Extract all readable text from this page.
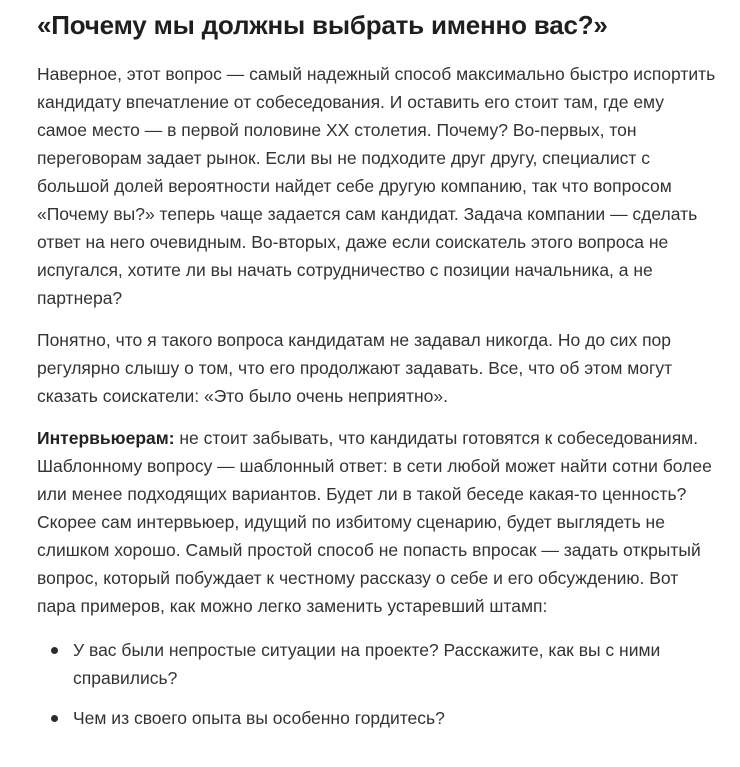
«Почему мы должны выбрать именно вас?»

Наверное, этот вопрос — самый надежный способ максимально быстро испортить кандидату впечатление от собеседования. И оставить его стоит там, где ему самое место — в первой половине XX столетия. Почему? Во-первых, тон переговорам задает рынок. Если вы не подходите друг другу, специалист с большой долей вероятности найдет себе другую компанию, так что вопросом «Почему вы?» теперь чаще задается сам кандидат. Задача компании — сделать ответ на него очевидным. Во-вторых, даже если соискатель этого вопроса не испугался, хотите ли вы начать сотрудничество с позиции начальника, а не партнера?

Понятно, что я такого вопроса кандидатам не задавал никогда. Но до сих пор регулярно слышу о том, что его продолжают задавать. Все, что об этом могут сказать соискатели: «Это было очень неприятно».

Интервьюерам: не стоит забывать, что кандидаты готовятся к собеседованиям. Шаблонному вопросу — шаблонный ответ: в сети любой может найти сотни более или менее подходящих вариантов. Будет ли в такой беседе какая-то ценность? Скорее сам интервьюер, идущий по избитому сценарию, будет выглядеть не слишком хорошо. Самый простой способ не попасть впросак — задать открытый вопрос, который побуждает к честному рассказу о себе и его обсуждению. Вот пара примеров, как можно легко заменить устаревший штамп:

У вас были непростые ситуации на проекте? Расскажите, как вы с ними справились?
Чем из своего опыта вы особенно гордитесь?
